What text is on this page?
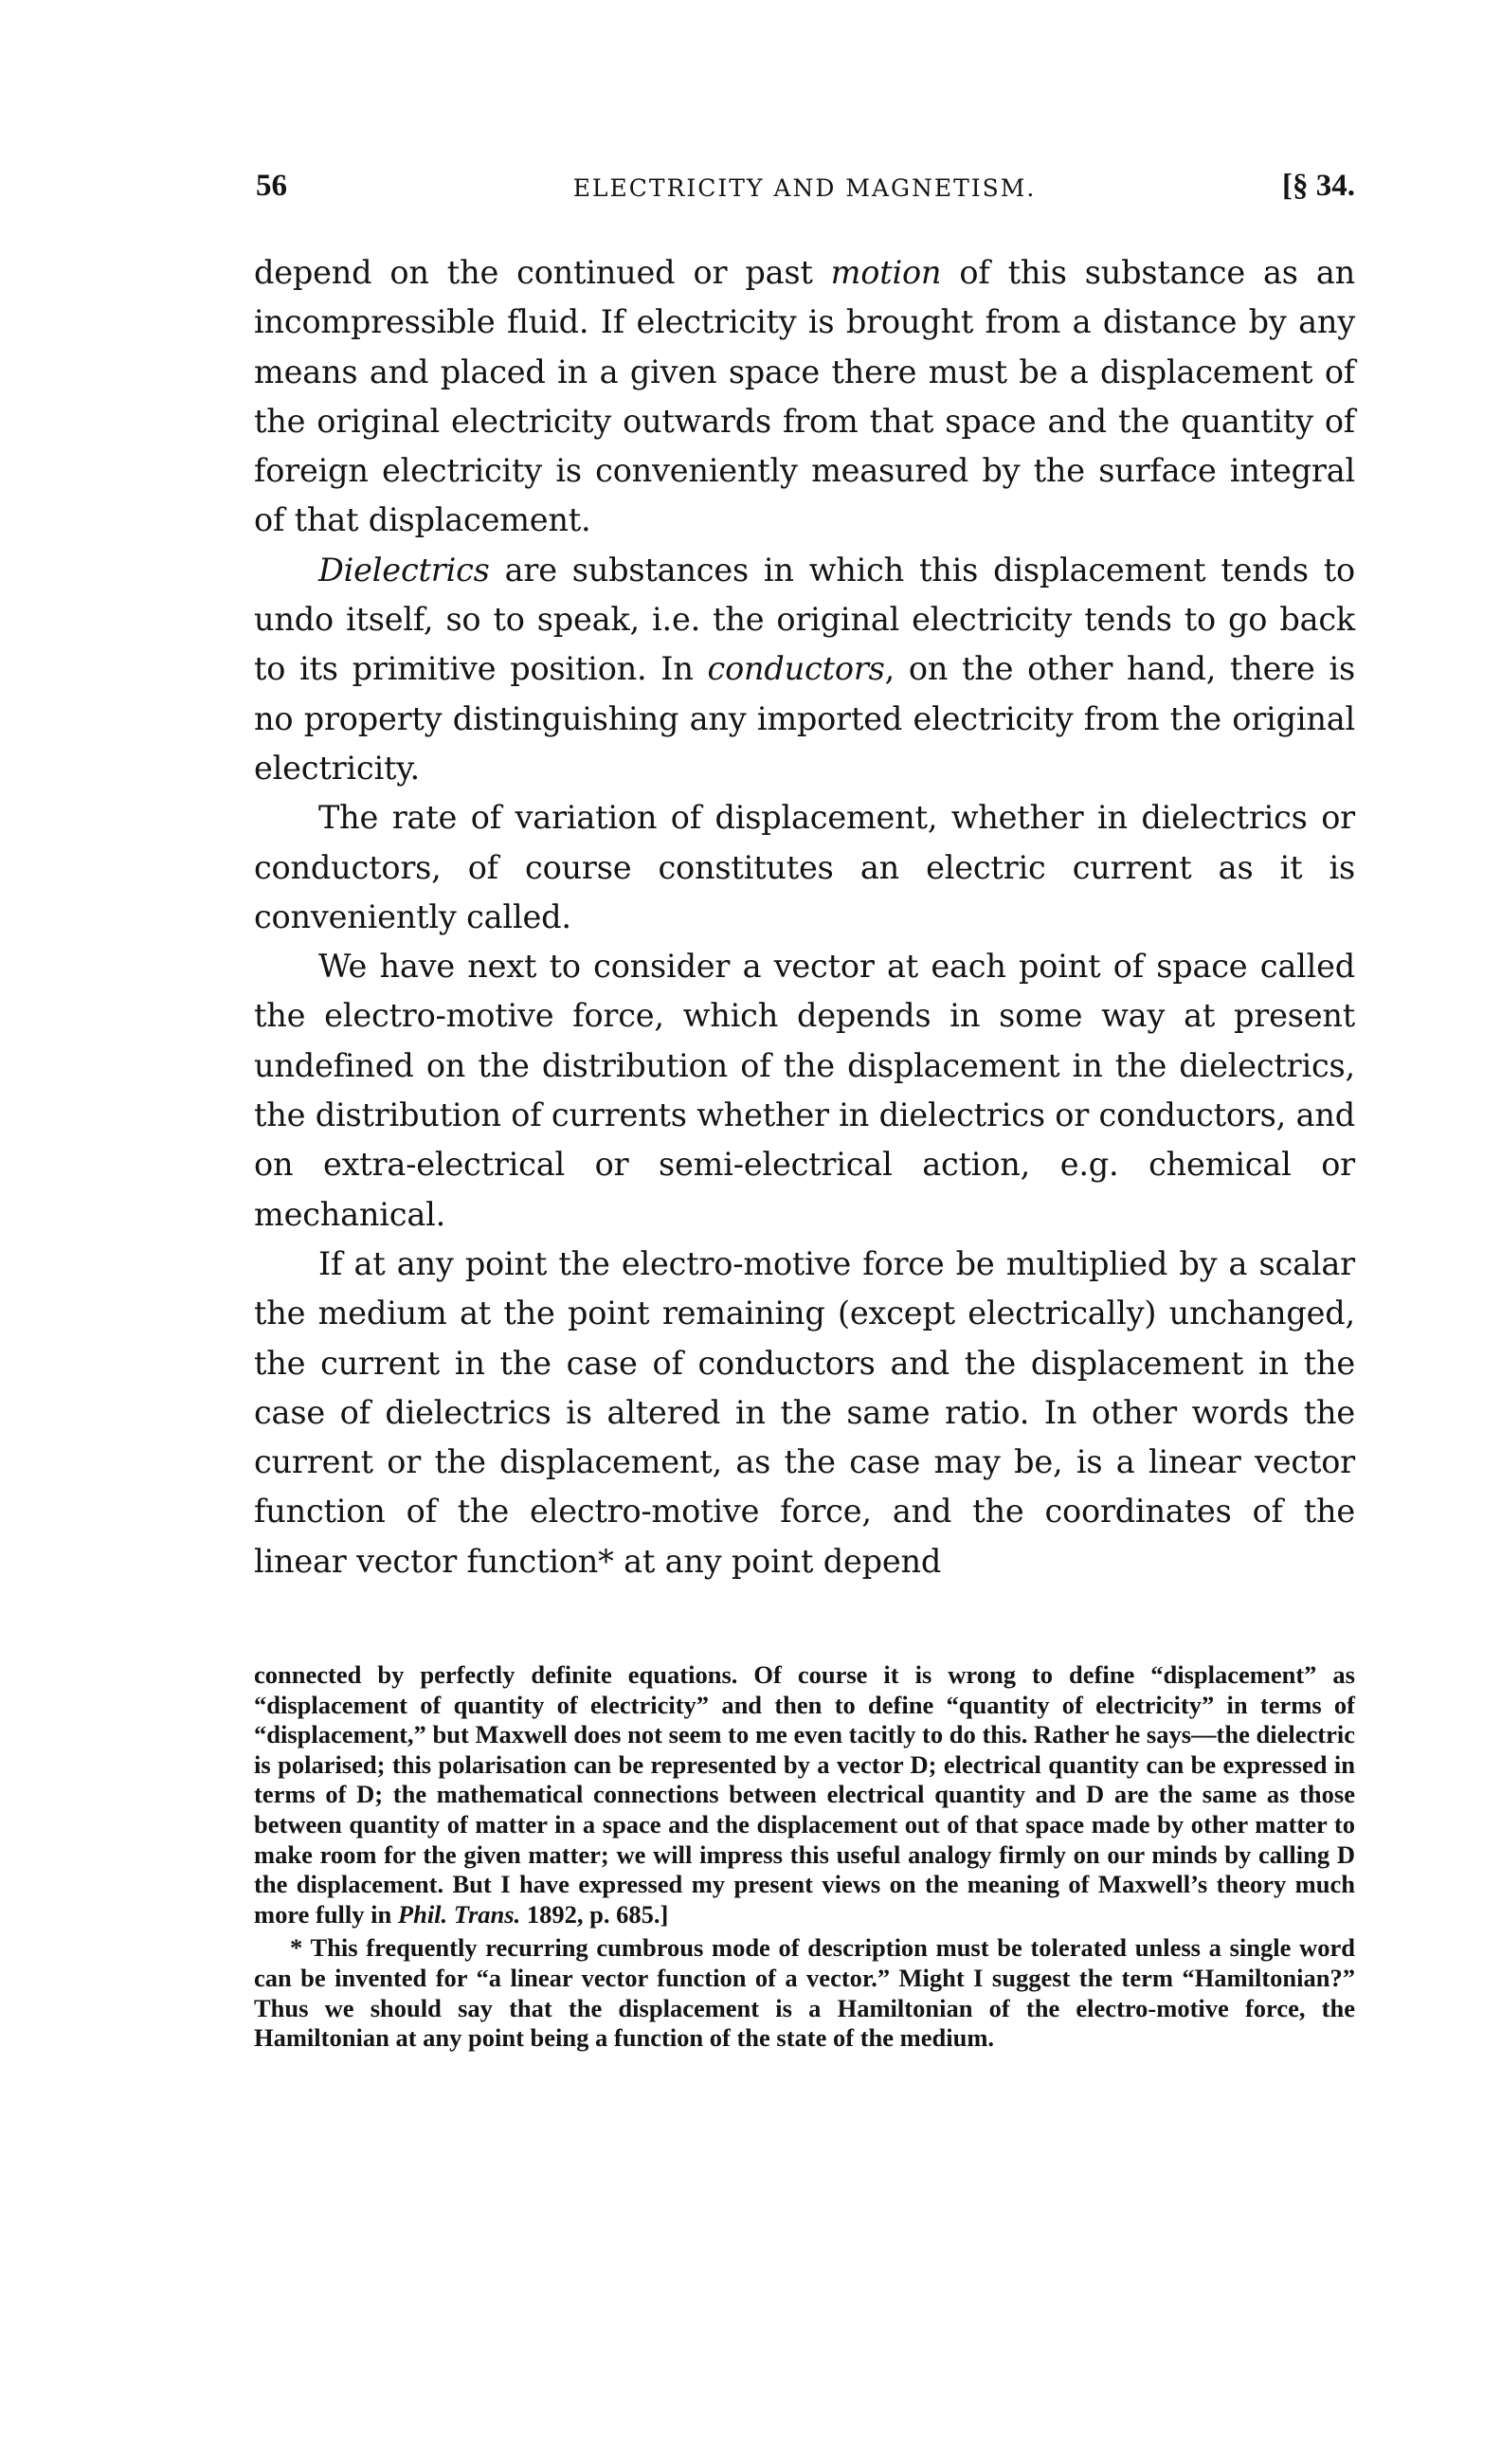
56	ELECTRICITY AND MAGNETISM.	[§ 34.

depend on the continued or past motion of this substance as an incompressible fluid. If electricity is brought from a distance by any means and placed in a given space there must be a displacement of the original electricity outwards from that space and the quantity of foreign electricity is conveniently measured by the surface integral of that displacement.

Dielectrics are substances in which this displacement tends to undo itself, so to speak, i.e. the original electricity tends to go back to its primitive position. In conductors, on the other hand, there is no property distinguishing any imported electricity from the original electricity.

The rate of variation of displacement, whether in dielectrics or conductors, of course constitutes an electric current as it is conveniently called.

We have next to consider a vector at each point of space called the electro-motive force, which depends in some way at present undefined on the distribution of the displacement in the dielectrics, the distribution of currents whether in dielectrics or conductors, and on extra-electrical or semi-electrical action, e.g. chemical or mechanical.

If at any point the electro-motive force be multiplied by a scalar the medium at the point remaining (except electrically) unchanged, the current in the case of conductors and the displacement in the case of dielectrics is altered in the same ratio. In other words the current or the displacement, as the case may be, is a linear vector function of the electro-motive force, and the coordinates of the linear vector function* at any point depend

connected by perfectly definite equations. Of course it is wrong to define “displacement” as “displacement of quantity of electricity” and then to define “quantity of electricity” in terms of “displacement,” but Maxwell does not seem to me even tacitly to do this. Rather he says—the dielectric is polarised; this polarisation can be represented by a vector D; electrical quantity can be expressed in terms of D; the mathematical connections between electrical quantity and D are the same as those between quantity of matter in a space and the displacement out of that space made by other matter to make room for the given matter; we will impress this useful analogy firmly on our minds by calling D the displacement. But I have expressed my present views on the meaning of Maxwell’s theory much more fully in Phil. Trans. 1892, p. 685.]

* This frequently recurring cumbrous mode of description must be tolerated unless a single word can be invented for “a linear vector function of a vector.” Might I suggest the term “Hamiltonian?” Thus we should say that the displacement is a Hamiltonian of the electro-motive force, the Hamiltonian at any point being a function of the state of the medium.
